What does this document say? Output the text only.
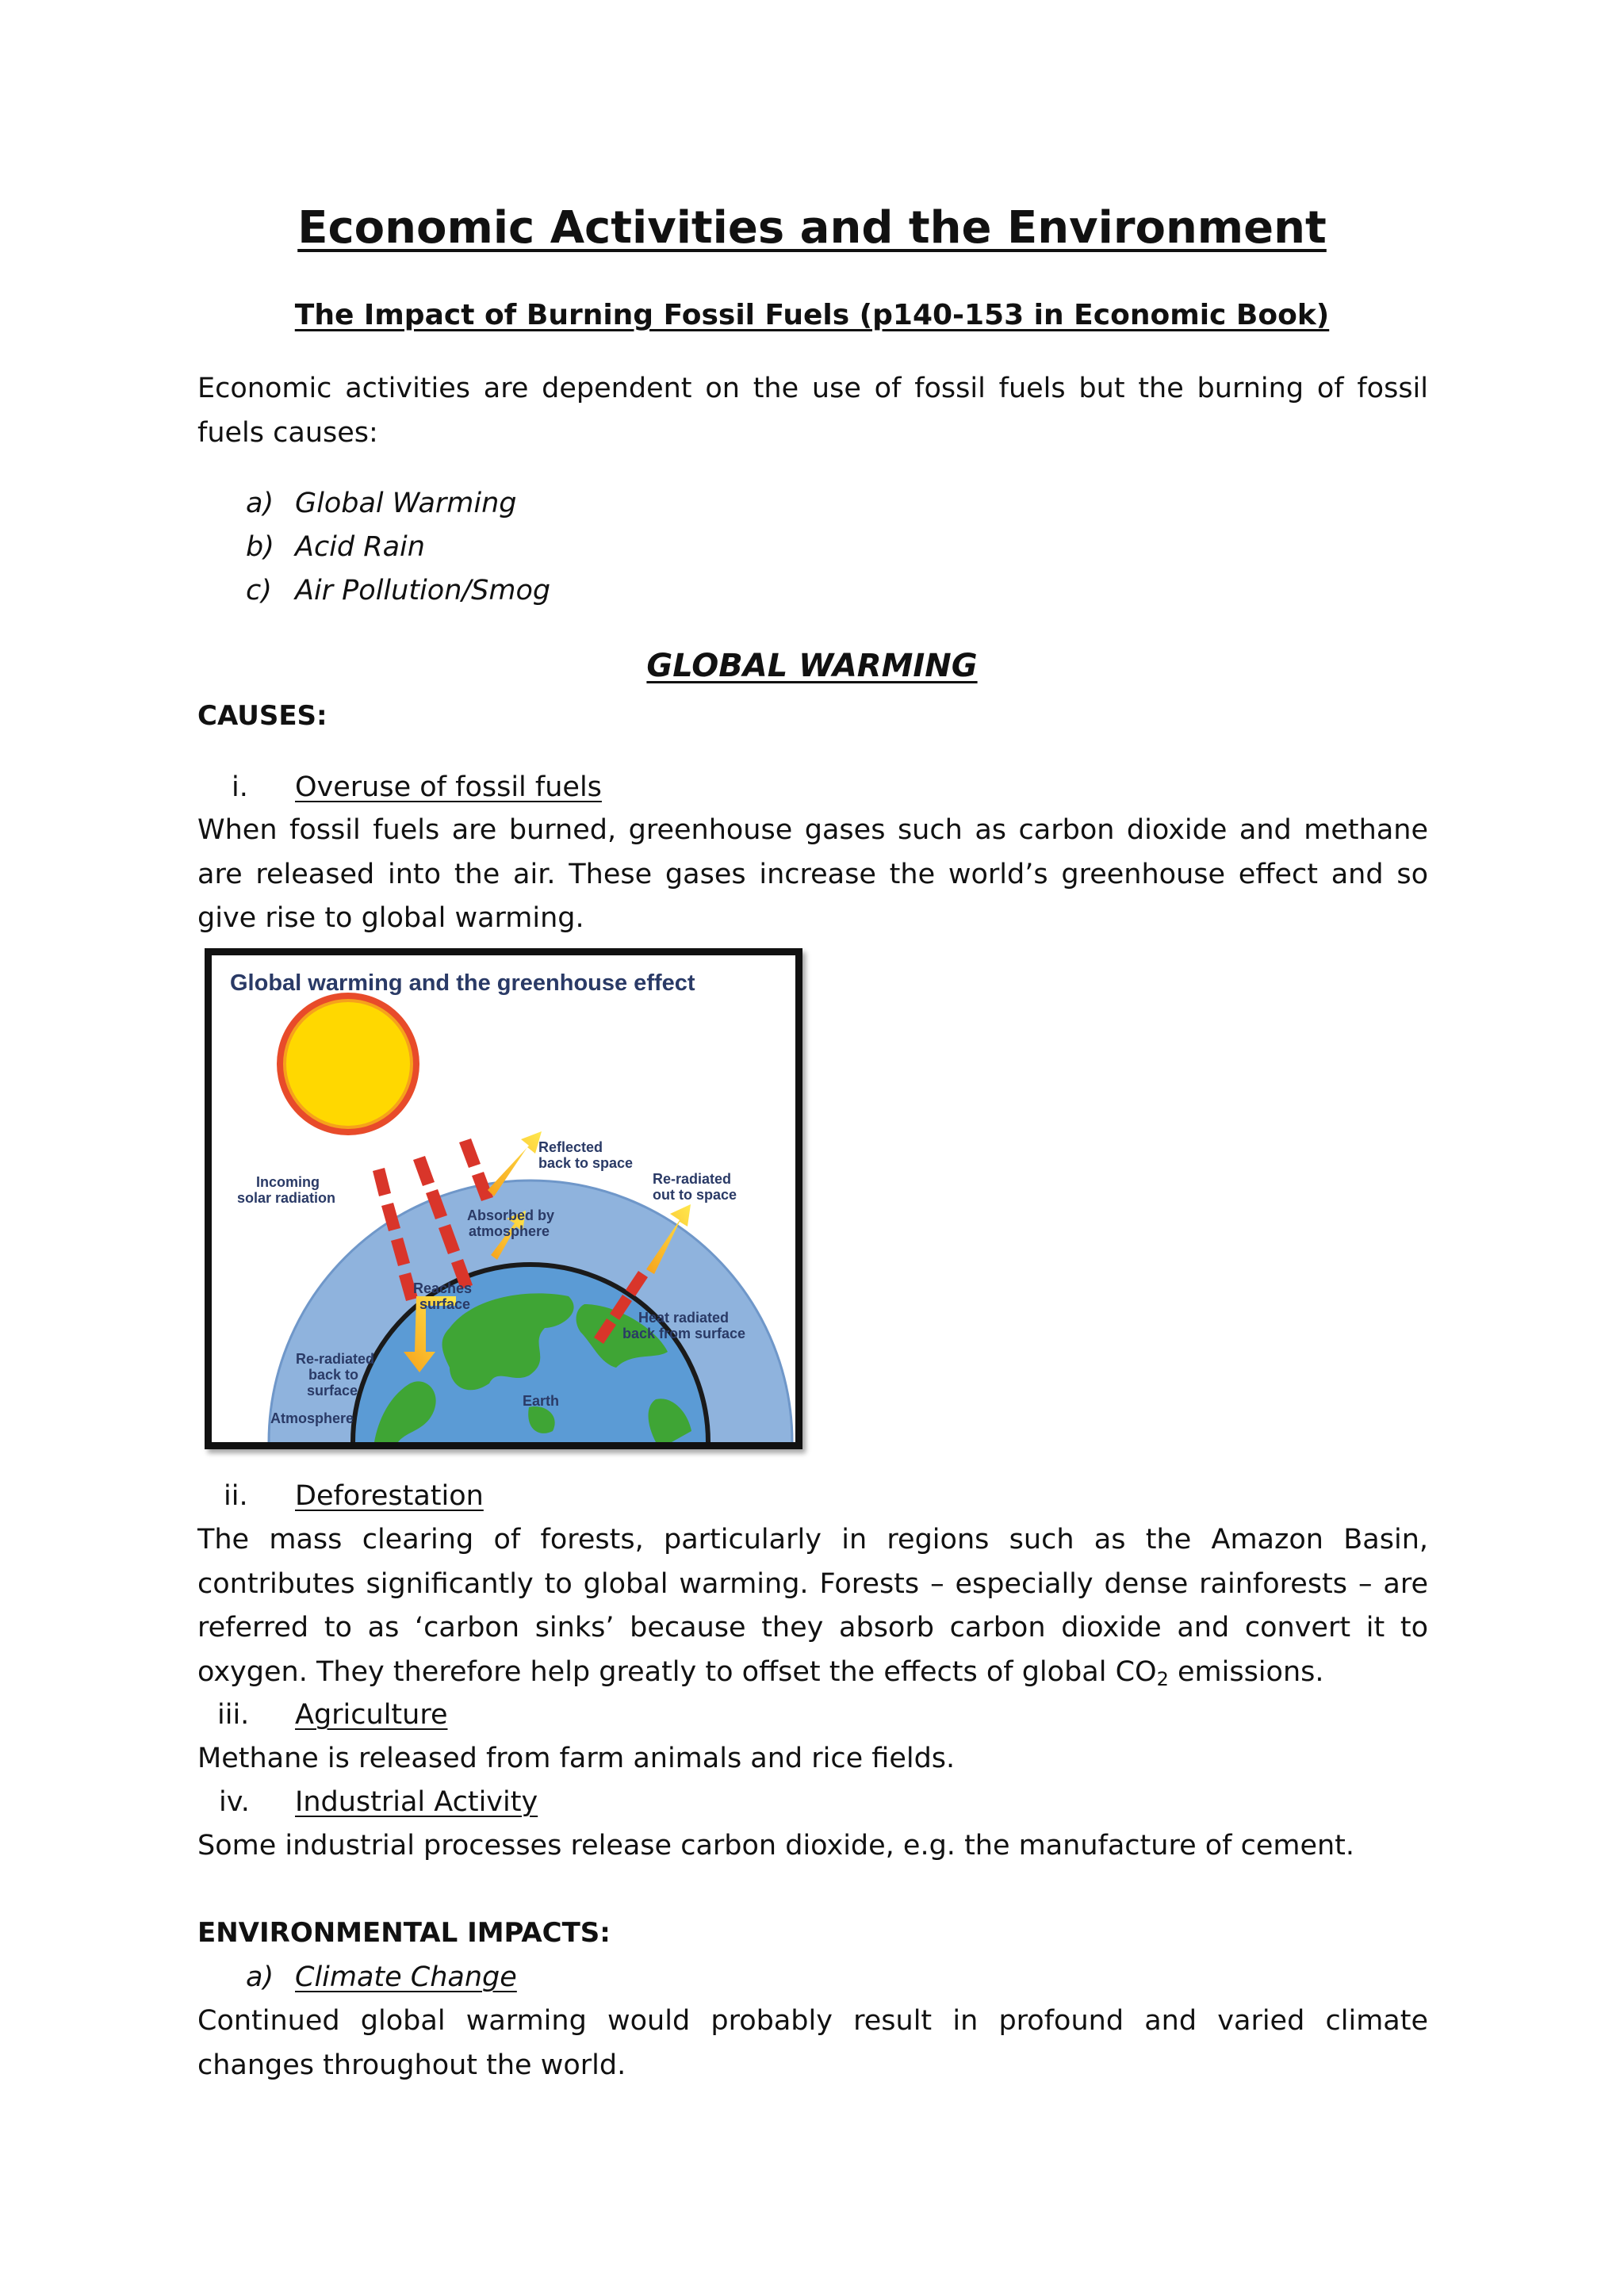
Economic Activities and the Environment
The Impact of Burning Fossil Fuels (p140-153 in Economic Book)

Economic activities are dependent on the use of fossil fuels but the burning of fossil fuels causes:

a) Global Warming
b) Acid Rain
c) Air Pollution/Smog
GLOBAL WARMING
CAUSES:
i. Overuse of fossil fuels

When fossil fuels are burned, greenhouse gases such as carbon dioxide and methane are released into the air. These gases increase the world’s greenhouse effect and so give rise to global warming.

Global warming and the greenhouse effect
Reflected
back to space
Incoming
solar radiation
Re-radiated
out to space
Absorbed by
atmosphere
Reaches
surface
Heat radiated
back from surface
Re-radiated
back to
surface
Atmosphere
Earth
ii. Deforestation

The mass clearing of forests, particularly in regions such as the Amazon Basin, contributes significantly to global warming. Forests – especially dense rainforests – are referred to as ‘carbon sinks’ because they absorb carbon dioxide and convert it to oxygen. They therefore help greatly to offset the effects of global $CO_2$ emissions.

iii. Agriculture

Methane is released from farm animals and rice fields.

iv. Industrial Activity

Some industrial processes release carbon dioxide, e.g. the manufacture of cement.

ENVIRONMENTAL IMPACTS:
a) Climate Change

Continued global warming would probably result in profound and varied climate changes throughout the world.
